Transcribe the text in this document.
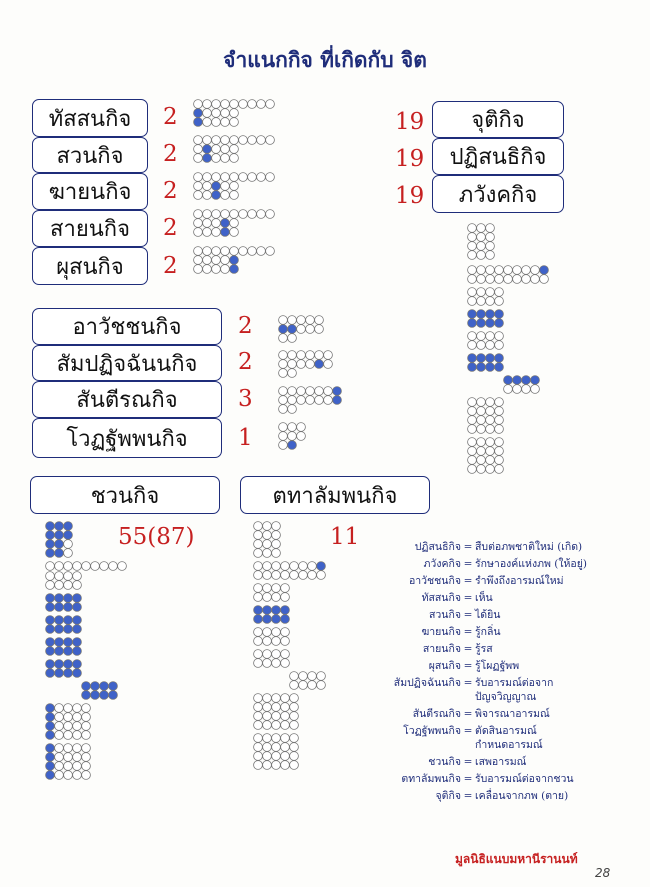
จำแนกกิจ ที่เกิดกับ จิต
ทัสสนกิจ 2
สวนกิจ 2
ฆายนกิจ 2
สายนกิจ 2
ผุสนกิจ 2
อาวัชชนกิจ 2
สัมปฏิจฉันนกิจ 2
สันตีรณกิจ	3
โวฏฐัพพนกิจ 1
ชวนกิจ
55(87)
ตทาลัมพนกิจ
11
19 จุติกิจ
19 ปฏิสนธิกิจ
19 ภวังคกิจ
ปฏิสนธิกิจ = สืบต่อภพชาติใหม่ (เกิด)
ภวังคกิจ = รักษาองค์แห่งภพ (ให้อยู่)
อาวัชชนกิจ = รำพึงถึงอารมณ์ใหม่
ทัสสนกิจ = เห็น
สวนกิจ = ได้ยิน
ฆายนกิจ = รู้กลิ่น
สายนกิจ = รู้รส
ผุสนกิจ = รู้โผฏฐัพพ
สัมปฏิจฉันนกิจ = รับอารมณ์ต่อจาก
ปัญจวิญญาณ
สันตีรณกิจ = พิจารณาอารมณ์
โวฏฐัพพนกิจ = ตัดสินอารมณ์
กำหนดอารมณ์
ชวนกิจ = เสพอารมณ์
ตทาลัมพนกิจ = รับอารมณ์ต่อจากชวน
จุติกิจ = เคลื่อนจากภพ (ตาย)
มูลนิธิแนบมหานีรานนท์
28
